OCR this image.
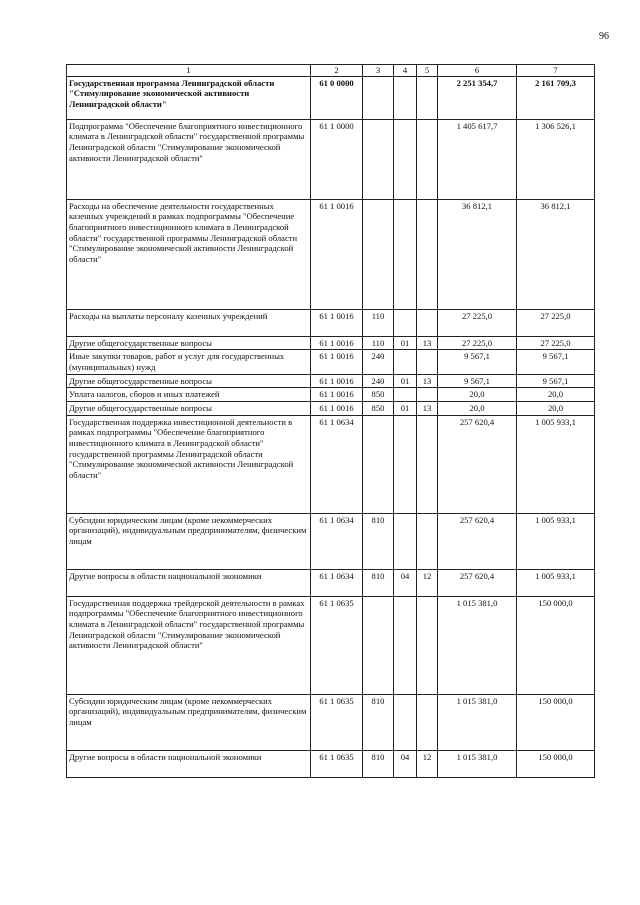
96
1	2	3	4	5	6	7
Государственная программа Ленинградской области "Стимулирование экономической активности Ленинградской области"	61 0 0000				2 251 354,7	2 161 709,3
Подпрограмма "Обеспечение благоприятного инвестиционного климата в Ленинградской области" государственной программы Ленинградской области "Стимулирование экономической активности Ленинградской области"	61 1 0000				1 405 617,7	1 306 526,1
Расходы на обеспечение деятельности государственных казенных учреждений в рамках подпрограммы "Обеспечение благоприятного инвестиционного климата в Ленинградской области" государственной программы Ленинградской области "Стимулирование экономической активности Ленинградской области"	61 1 0016				36 812,1	36 812,1
Расходы на выплаты персоналу казенных учреждений	61 1 0016	110			27 225,0	27 225,0
Другие общегосударственные вопросы	61 1 0016	110	01	13	27 225,0	27 225,0
Иные закупки товаров, работ и услуг для государственных (муниципальных) нужд	61 1 0016	240			9 567,1	9 567,1
Другие общегосударственные вопросы	61 1 0016	240	01	13	9 567,1	9 567,1
Уплата налогов, сборов и иных платежей	61 1 0016	850			20,0	20,0
Другие общегосударственные вопросы	61 1 0016	850	01	13	20,0	20,0
Государственная поддержка инвестиционной деятельности в рамках подпрограммы "Обеспечение благоприятного инвестиционного климата в Ленинградской области" государственной программы Ленинградской области "Стимулирование экономической активности Ленинградской области"	61 1 0634				257 620,4	1 005 933,1
Субсидии юридическим лицам (кроме некоммерческих организаций), индивидуальным предпринимателям, физическим лицам	61 1 0634	810			257 620,4	1 005 933,1
Другие вопросы в области национальной экономики	61 1 0634	810	04	12	257 620,4	1 005 933,1
Государственная поддержка трейдерской деятельности в рамках подпрограммы "Обеспечение благоприятного инвестиционного климата в Ленинградской области" государственной программы Ленинградской области "Стимулирование экономической активности Ленинградской области"	61 1 0635				1 015 381,0	150 000,0
Субсидии юридическим лицам (кроме некоммерческих организаций), индивидуальным предпринимателям, физическим лицам	61 1 0635	810			1 015 381,0	150 000,0
Другие вопросы в области национальной экономики	61 1 0635	810	04	12	1 015 381,0	150 000,0
